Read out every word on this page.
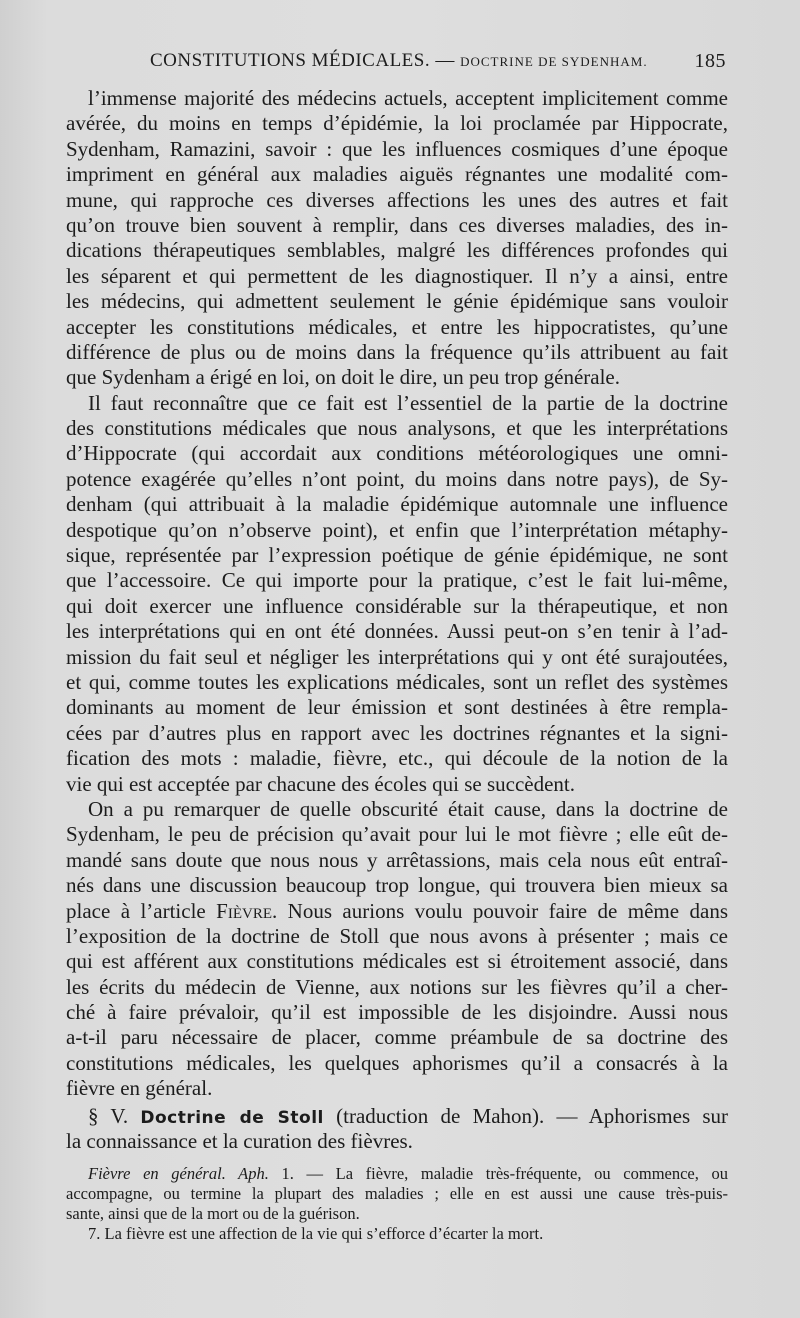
CONSTITUTIONS MÉDICALES. — DOCTRINE DE SYDENHAM. 185
l’immense majorité des médecins actuels, acceptent implicitement comme
avérée, du moins en temps d’épidémie, la loi proclamée par Hippocrate,
Sydenham, Ramazini, savoir : que les influences cosmiques d’une époque
impriment en général aux maladies aiguës régnantes une modalité com-
mune, qui rapproche ces diverses affections les unes des autres et fait
qu’on trouve bien souvent à remplir, dans ces diverses maladies, des in-
dications thérapeutiques semblables, malgré les différences profondes qui
les séparent et qui permettent de les diagnostiquer. Il n’y a ainsi, entre
les médecins, qui admettent seulement le génie épidémique sans vouloir
accepter les constitutions médicales, et entre les hippocratistes, qu’une
différence de plus ou de moins dans la fréquence qu’ils attribuent au fait
que Sydenham a érigé en loi, on doit le dire, un peu trop générale.
Il faut reconnaître que ce fait est l’essentiel de la partie de la doctrine
des constitutions médicales que nous analysons, et que les interprétations
d’Hippocrate (qui accordait aux conditions météorologiques une omni-
potence exagérée qu’elles n’ont point, du moins dans notre pays), de Sy-
denham (qui attribuait à la maladie épidémique automnale une influence
despotique qu’on n’observe point), et enfin que l’interprétation métaphy-
sique, représentée par l’expression poétique de génie épidémique, ne sont
que l’accessoire. Ce qui importe pour la pratique, c’est le fait lui-même,
qui doit exercer une influence considérable sur la thérapeutique, et non
les interprétations qui en ont été données. Aussi peut-on s’en tenir à l’ad-
mission du fait seul et négliger les interprétations qui y ont été surajoutées,
et qui, comme toutes les explications médicales, sont un reflet des systèmes
dominants au moment de leur émission et sont destinées à être rempla-
cées par d’autres plus en rapport avec les doctrines régnantes et la signi-
fication des mots : maladie, fièvre, etc., qui découle de la notion de la
vie qui est acceptée par chacune des écoles qui se succèdent.
On a pu remarquer de quelle obscurité était cause, dans la doctrine de
Sydenham, le peu de précision qu’avait pour lui le mot fièvre ; elle eût de-
mandé sans doute que nous nous y arrêtassions, mais cela nous eût entraî-
nés dans une discussion beaucoup trop longue, qui trouvera bien mieux sa
place à l’article Fièvre. Nous aurions voulu pouvoir faire de même dans
l’exposition de la doctrine de Stoll que nous avons à présenter ; mais ce
qui est afférent aux constitutions médicales est si étroitement associé, dans
les écrits du médecin de Vienne, aux notions sur les fièvres qu’il a cher-
ché à faire prévaloir, qu’il est impossible de les disjoindre. Aussi nous
a-t-il paru nécessaire de placer, comme préambule de sa doctrine des
constitutions médicales, les quelques aphorismes qu’il a consacrés à la
fièvre en général.
§ V. Doctrine de Stoll (traduction de Mahon). — Aphorismes sur
la connaissance et la curation des fièvres.
Fièvre en général. Aph. 1. — La fièvre, maladie très-fréquente, ou commence, ou
accompagne, ou termine la plupart des maladies ; elle en est aussi une cause très-puis-
sante, ainsi que de la mort ou de la guérison.
7. La fièvre est une affection de la vie qui s’efforce d’écarter la mort.
